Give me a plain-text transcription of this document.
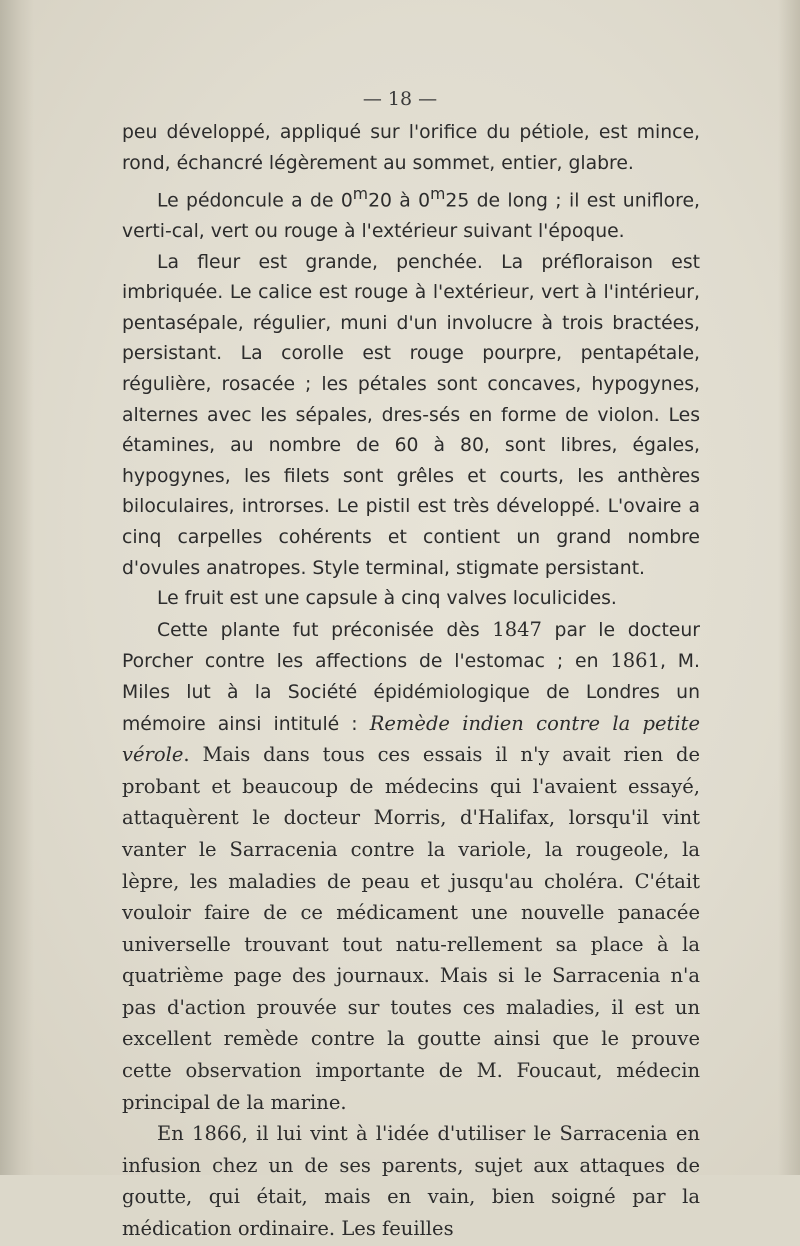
— 18 —

peu développé, appliqué sur l'orifice du pétiole, est mince, rond, échancré légèrement au sommet, entier, glabre.

Le pédoncule a de 0$^m$20 à 0$^m$25 de long ; il est uniflore, verti-cal, vert ou rouge à l'extérieur suivant l'époque.

La fleur est grande, penchée. La préfloraison est imbriquée. Le calice est rouge à l'extérieur, vert à l'intérieur, pentasépale, régulier, muni d'un involucre à trois bractées, persistant. La corolle est rouge pourpre, pentapétale, régulière, rosacée ; les pétales sont concaves, hypogynes, alternes avec les sépales, dres-sés en forme de violon. Les étamines, au nombre de 60 à 80, sont libres, égales, hypogynes, les filets sont grêles et courts, les anthères biloculaires, introrses. Le pistil est très développé. L'ovaire a cinq carpelles cohérents et contient un grand nombre d'ovules anatropes. Style terminal, stigmate persistant.

Le fruit est une capsule à cinq valves loculicides.

Cette plante fut préconisée dès 1847 par le docteur Porcher contre les affections de l'estomac ; en 1861, M. Miles lut à la Société épidémiologique de Londres un mémoire ainsi intitulé : Remède indien contre la petite vérole. Mais dans tous ces essais il n'y avait rien de probant et beaucoup de médecins qui l'avaient essayé, attaquèrent le docteur Morris, d'Halifax, lorsqu'il vint vanter le Sarracenia contre la variole, la rougeole, la lèpre, les maladies de peau et jusqu'au choléra. C'était vouloir faire de ce médicament une nouvelle panacée universelle trouvant tout natu-rellement sa place à la quatrième page des journaux. Mais si le Sarracenia n'a pas d'action prouvée sur toutes ces maladies, il est un excellent remède contre la goutte ainsi que le prouve cette observation importante de M. Foucaut, médecin principal de la marine.

En 1866, il lui vint à l'idée d'utiliser le Sarracenia en infusion chez un de ses parents, sujet aux attaques de goutte, qui était, mais en vain, bien soigné par la médication ordinaire. Les feuilles
